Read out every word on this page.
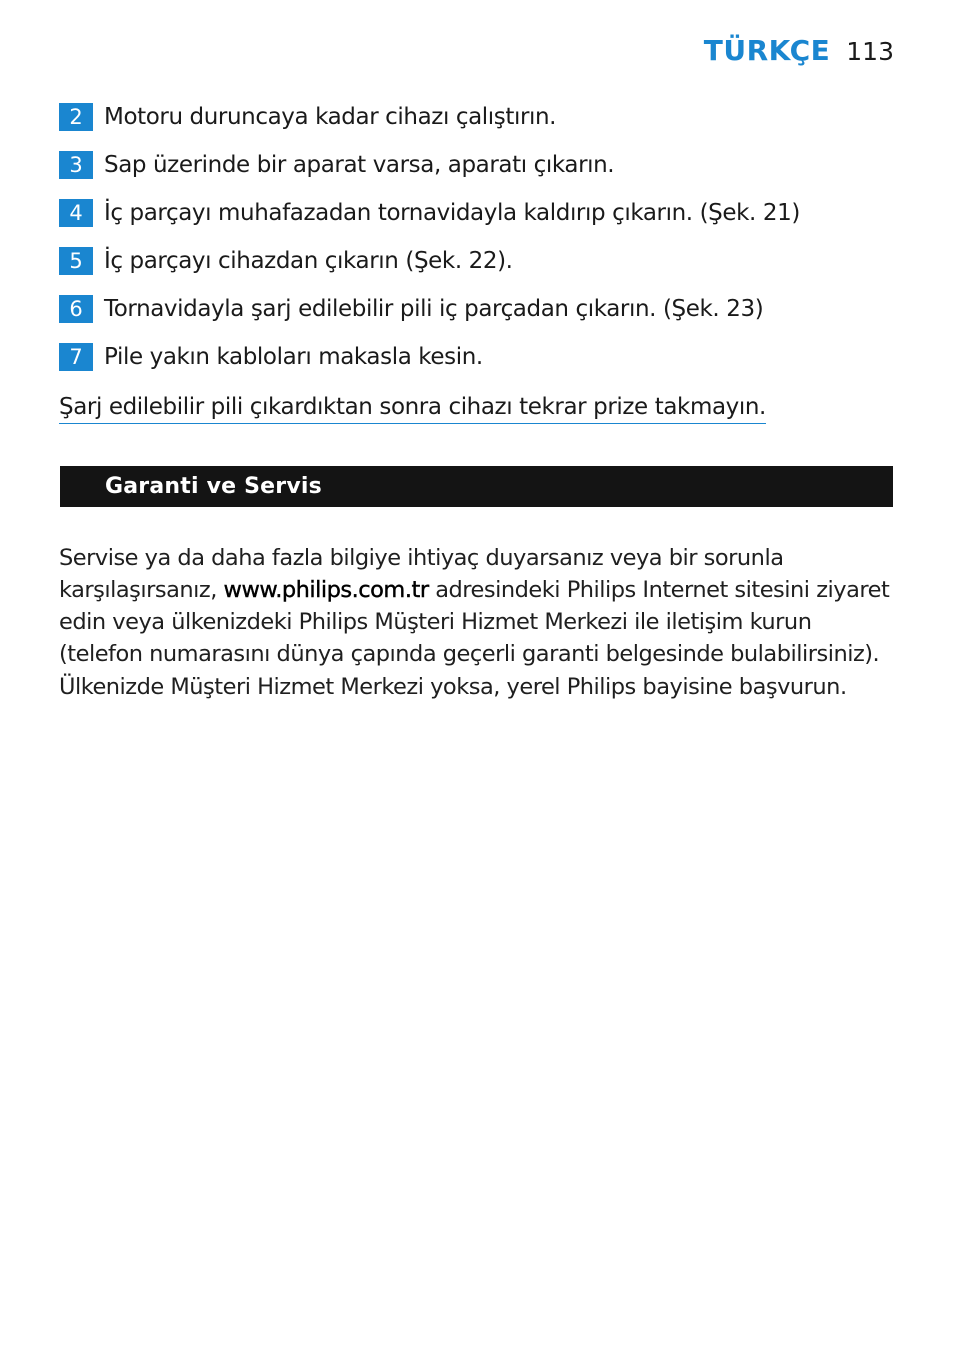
TÜRKÇE 113
2 Motoru duruncaya kadar cihazı çalıştırın.
3 Sap üzerinde bir aparat varsa, aparatı çıkarın.
4 İç parçayı muhafazadan tornavidayla kaldırıp çıkarın. (Şek. 21)
5 İç parçayı cihazdan çıkarın (Şek. 22).
6 Tornavidayla şarj edilebilir pili iç parçadan çıkarın. (Şek. 23)
7 Pile yakın kabloları makasla kesin.
Şarj edilebilir pili çıkardıktan sonra cihazı tekrar prize takmayın.
Garanti ve Servis

Servise ya da daha fazla bilgiye ihtiyaç duyarsanız veya bir sorunla karşılaşırsanız, www.philips.com.tr adresindeki Philips Internet sitesini ziyaret edin veya ülkenizdeki Philips Müşteri Hizmet Merkezi ile iletişim kurun (telefon numarasını dünya çapında geçerli garanti belgesinde bulabilirsiniz). Ülkenizde Müşteri Hizmet Merkezi yoksa, yerel Philips bayisine başvurun.
